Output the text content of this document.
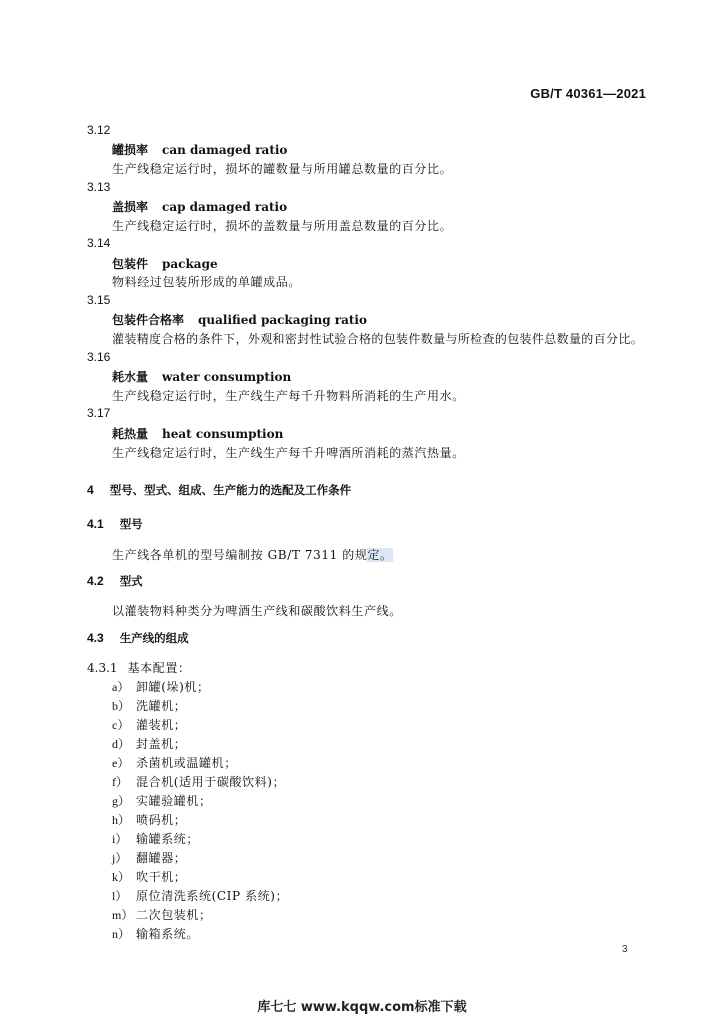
GB/T 40361—2021
3.12
罐损率 can damaged ratio
生产线稳定运行时，损坏的罐数量与所用罐总数量的百分比。
3.13
盖损率 cap damaged ratio
生产线稳定运行时，损坏的盖数量与所用盖总数量的百分比。
3.14
包装件 package
物料经过包装所形成的单罐成品。
3.15
包装件合格率 qualified packaging ratio
灌装精度合格的条件下，外观和密封性试验合格的包装件数量与所检查的包装件总数量的百分比。
3.16
耗水量 water consumption
生产线稳定运行时，生产线生产每千升物料所消耗的生产用水。
3.17
耗热量 heat consumption
生产线稳定运行时，生产线生产每千升啤酒所消耗的蒸汽热量。
4 型号、型式、组成、生产能力的选配及工作条件
4.1 型号
生产线各单机的型号编制按 GB/T 7311 的规定。
4.2 型式
以灌装物料种类分为啤酒生产线和碳酸饮料生产线。
4.3 生产线的组成
4.3.1 基本配置：
a） 卸罐(垛)机；
b） 洗罐机；
c） 灌装机；
d） 封盖机；
e） 杀菌机或温罐机；
f） 混合机(适用于碳酸饮料)；
g） 实罐验罐机；
h） 喷码机；
i） 输罐系统；
j） 翻罐器；
k） 吹干机；
l） 原位清洗系统(CIP 系统)；
m） 二次包装机；
n） 输箱系统。
3
库七七 www.kqqw.com标准下载
